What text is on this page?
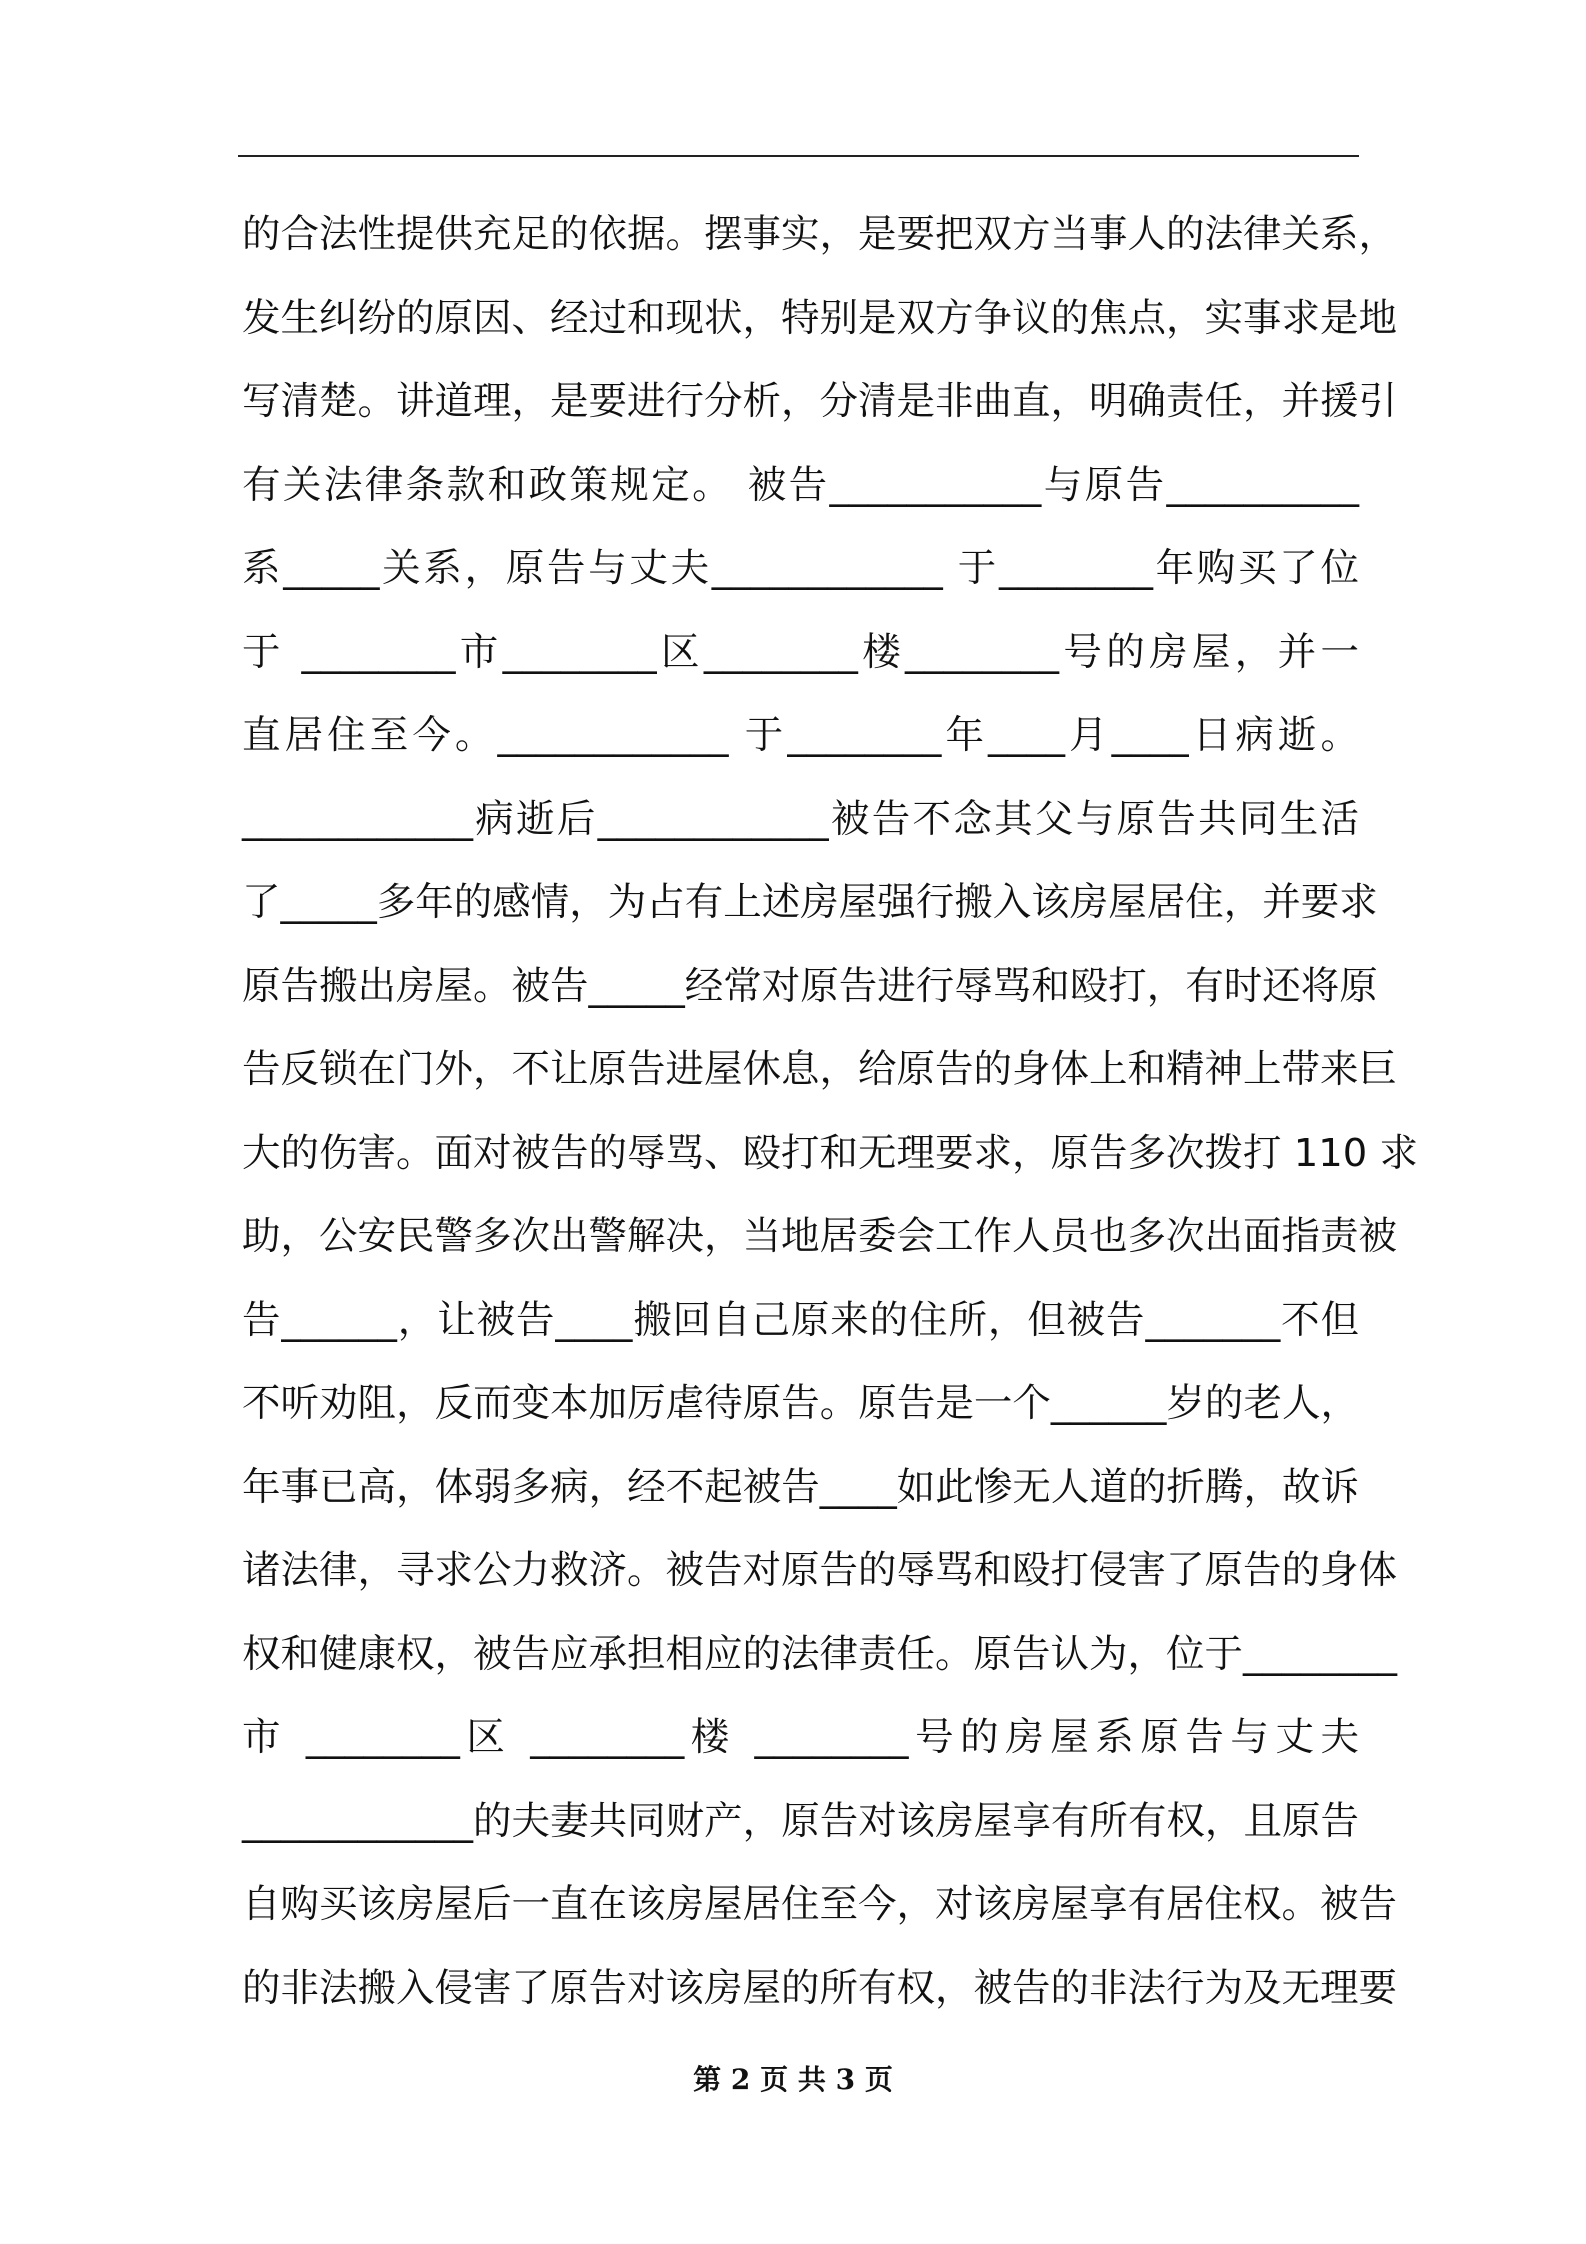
的合法性提供充足的依据。摆事实，是要把双方当事人的法律关系，
发生纠纷的原因、经过和现状，特别是双方争议的焦点，实事求是地
写清楚。讲道理，是要进行分析，分清是非曲直，明确责任，并援引
有关法律条款和政策规定。 被告___________与原告__________
系_____关系，原告与丈夫____________ 于________年购买了位
于 ________市________区________楼________号的房屋，并一
直居住至今。____________ 于________年____月____日病逝。
____________病逝后____________被告不念其父与原告共同生活
了_____多年的感情，为占有上述房屋强行搬入该房屋居住，并要求
原告搬出房屋。被告_____经常对原告进行辱骂和殴打，有时还将原
告反锁在门外，不让原告进屋休息，给原告的身体上和精神上带来巨
大的伤害。面对被告的辱骂、殴打和无理要求，原告多次拨打 110 求
助，公安民警多次出警解决，当地居委会工作人员也多次出面指责被
告______，让被告____搬回自己原来的住所，但被告_______不但
不听劝阻，反而变本加厉虐待原告。原告是一个______岁的老人，
年事已高，体弱多病，经不起被告____如此惨无人道的折腾，故诉
诸法律，寻求公力救济。被告对原告的辱骂和殴打侵害了原告的身体
权和健康权，被告应承担相应的法律责任。原告认为，位于________
市 ________区 ________楼 ________号的房屋系原告与丈夫
____________的夫妻共同财产，原告对该房屋享有所有权，且原告
自购买该房屋后一直在该房屋居住至今，对该房屋享有居住权。被告
的非法搬入侵害了原告对该房屋的所有权，被告的非法行为及无理要
第 2 页 共 3 页
